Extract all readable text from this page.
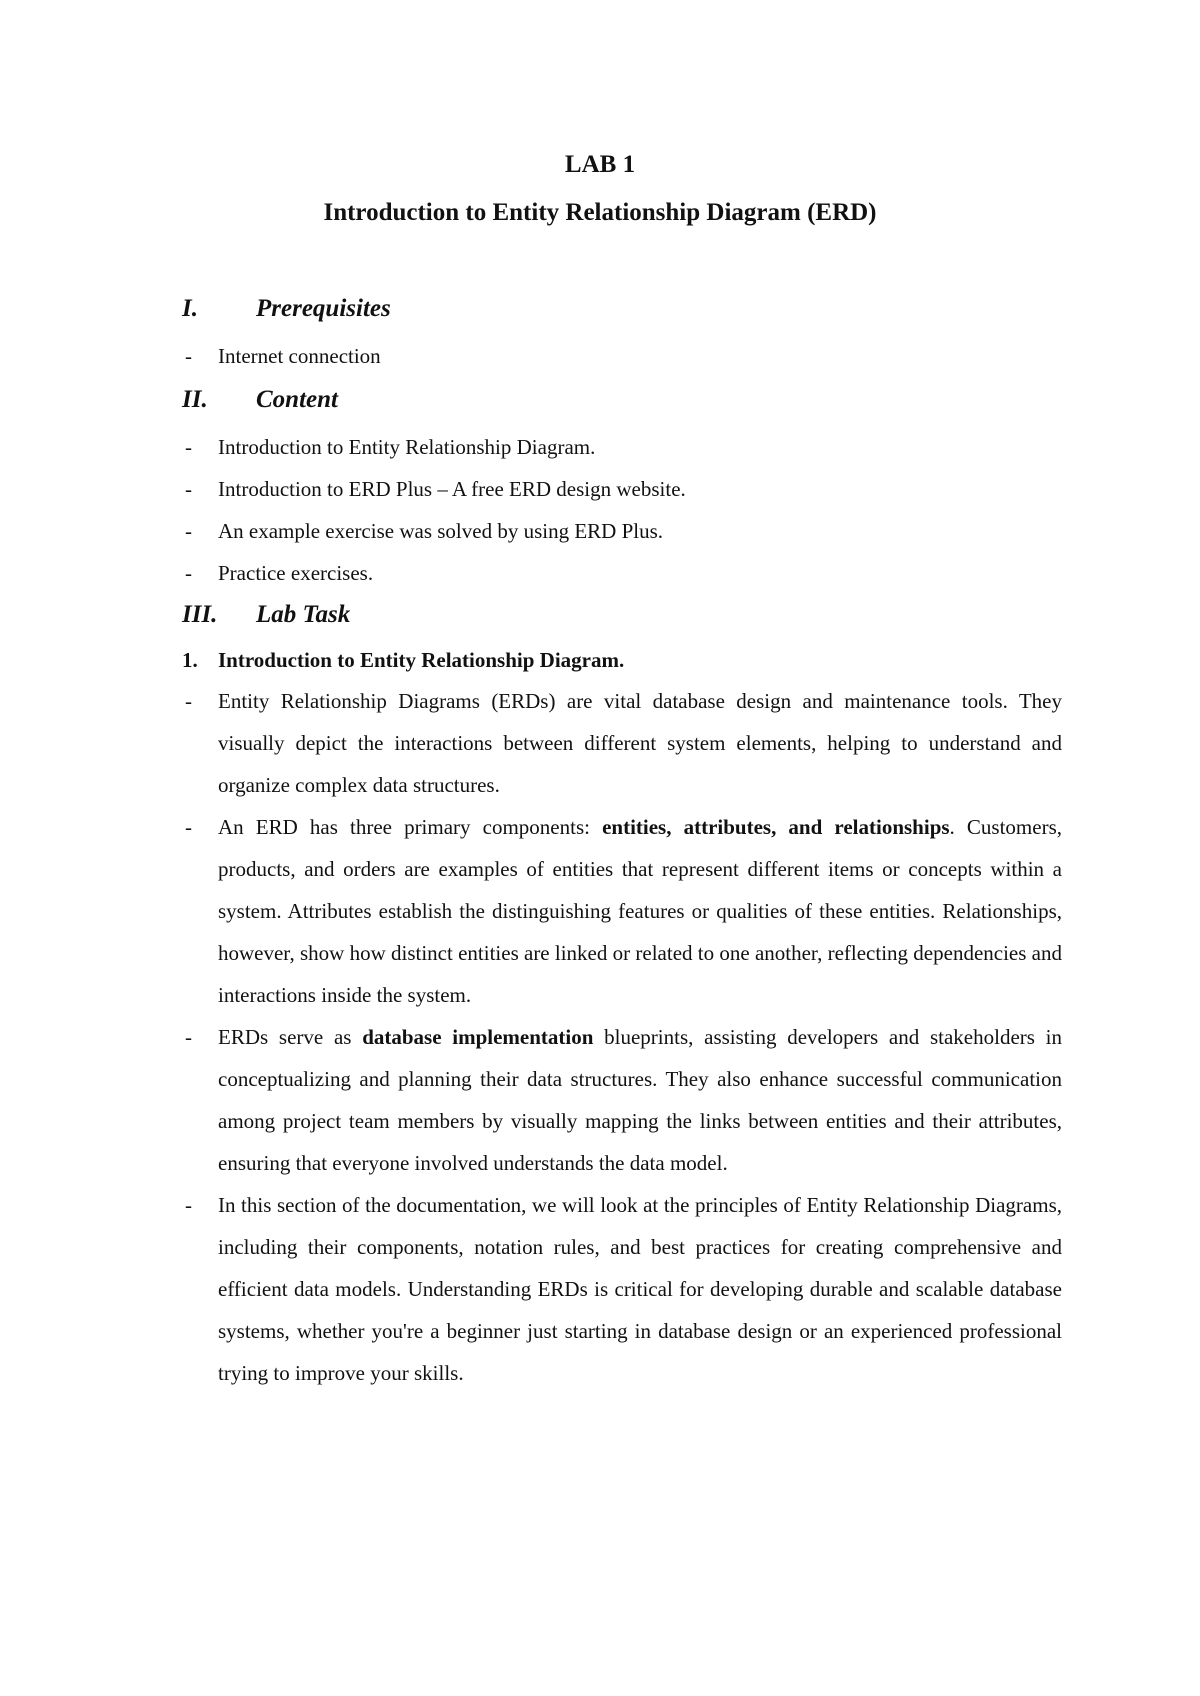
LAB 1
Introduction to Entity Relationship Diagram (ERD)
I. Prerequisites
- Internet connection
II. Content
- Introduction to Entity Relationship Diagram.
- Introduction to ERD Plus – A free ERD design website.
- An example exercise was solved by using ERD Plus.
- Practice exercises.
III. Lab Task
1. Introduction to Entity Relationship Diagram.
- Entity Relationship Diagrams (ERDs) are vital database design and maintenance tools. They visually depict the interactions between different system elements, helping to understand and organize complex data structures.
- An ERD has three primary components: entities, attributes, and relationships. Customers, products, and orders are examples of entities that represent different items or concepts within a system. Attributes establish the distinguishing features or qualities of these entities. Relationships, however, show how distinct entities are linked or related to one another, reflecting dependencies and interactions inside the system.
- ERDs serve as database implementation blueprints, assisting developers and stakeholders in conceptualizing and planning their data structures. They also enhance successful communication among project team members by visually mapping the links between entities and their attributes, ensuring that everyone involved understands the data model.
- In this section of the documentation, we will look at the principles of Entity Relationship Diagrams, including their components, notation rules, and best practices for creating comprehensive and efficient data models. Understanding ERDs is critical for developing durable and scalable database systems, whether you're a beginner just starting in database design or an experienced professional trying to improve your skills.
